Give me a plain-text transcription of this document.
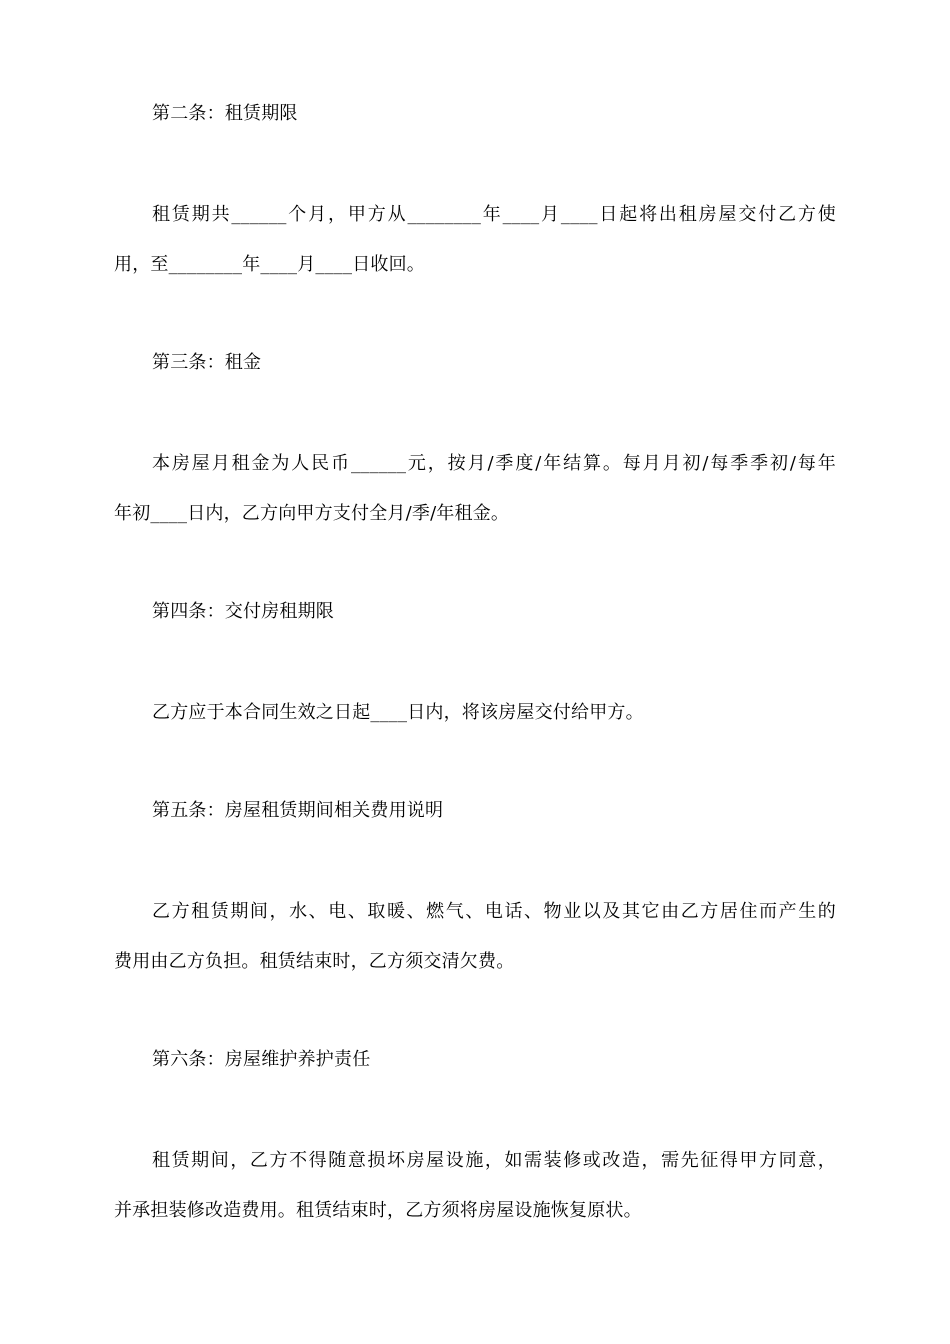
第二条：租赁期限
租赁期共______个月，甲方从________年____月____日起将出租房屋交付乙方使
用，至________年____月____日收回。
第三条：租金
本房屋月租金为人民币______元，按月/季度/年结算。每月月初/每季季初/每年
年初____日内，乙方向甲方支付全月/季/年租金。
第四条：交付房租期限
乙方应于本合同生效之日起____日内，将该房屋交付给甲方。
第五条：房屋租赁期间相关费用说明
乙方租赁期间，水、电、取暖、燃气、电话、物业以及其它由乙方居住而产生的
费用由乙方负担。租赁结束时，乙方须交清欠费。
第六条：房屋维护养护责任
租赁期间，乙方不得随意损坏房屋设施，如需装修或改造，需先征得甲方同意，
并承担装修改造费用。租赁结束时，乙方须将房屋设施恢复原状。
